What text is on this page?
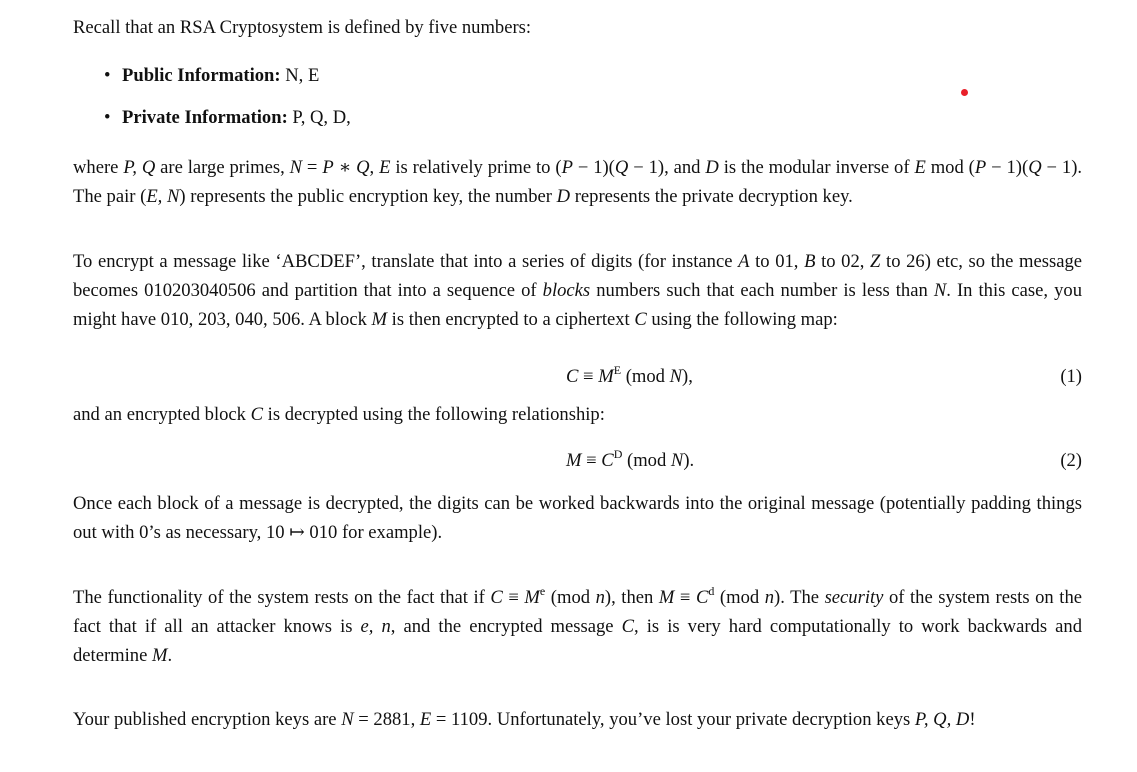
Recall that an RSA Cryptosystem is defined by five numbers:
• Public Information: N, E
• Private Information: P, Q, D,
where P, Q are large primes, N = P ∗ Q, E is relatively prime to (P − 1)(Q − 1), and D is the modular inverse of E mod (P − 1)(Q − 1). The pair (E, N) represents the public encryption key, the number D represents the private decryption key.
To encrypt a message like ‘ABCDEF’, translate that into a series of digits (for instance A to 01, B to 02, Z to 26) etc, so the message becomes 010203040506 and partition that into a sequence of blocks numbers such that each number is less than N. In this case, you might have 010, 203, 040, 506. A block M is then encrypted to a ciphertext C using the following map:
$C \equiv M^E$ (mod N),	(1)
and an encrypted block C is decrypted using the following relationship:
$M \equiv C^D$ (mod N).	(2)
Once each block of a message is decrypted, the digits can be worked backwards into the original message (potentially padding things out with 0’s as necessary, 10 ↦ 010 for example).
The functionality of the system rests on the fact that if $C \equiv M^e$ (mod n), then $M \equiv C^d$ (mod n). The security of the system rests on the fact that if all an attacker knows is e, n, and the encrypted message C, is is very hard computationally to work backwards and determine M.
Your published encryption keys are N = 2881, E = 1109. Unfortunately, you’ve lost your private decryption keys P, Q, D!
